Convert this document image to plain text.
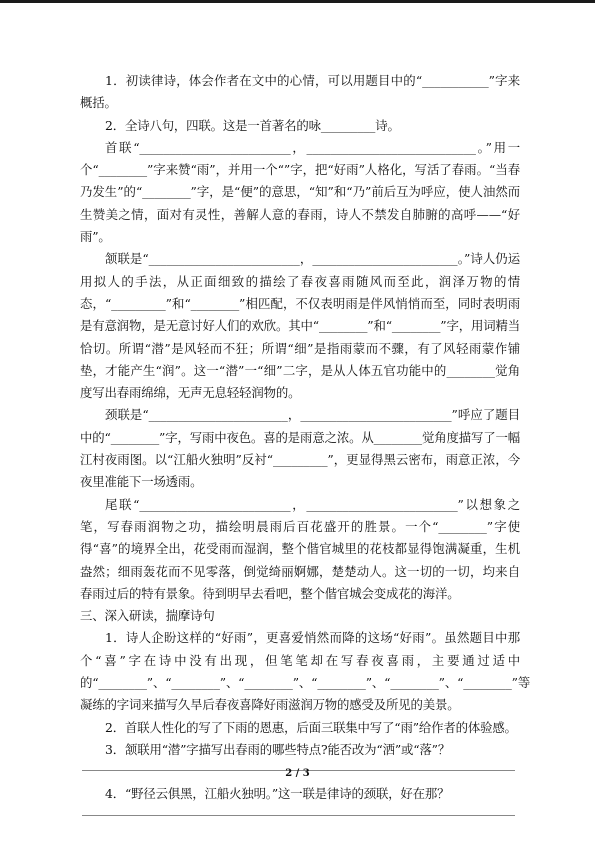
1．初读律诗，体会作者在文中的心情，可以用题目中的“___________”字来概括。

2．全诗八句，四联。这是一首著名的咏_________诗。

首联“_________________________，____________________________。”用一个“________”字来赞“雨”，并用一个“”字，把“好雨”人格化，写活了春雨。“当春乃发生”的“________”字，是“便”的意思，“知”和“乃”前后互为呼应，使人油然而生赞美之情，面对有灵性，善解人意的春雨，诗人不禁发自肺腑的高呼——“好雨”。

颔联是“_________________________，________________________。”诗人仍运用拟人的手法，从正面细致的描绘了春夜喜雨随风而至此，润泽万物的情态，“_________”和“________”相匹配，不仅表明雨是伴风悄悄而至，同时表明雨是有意润物，是无意讨好人们的欢欣。其中“________”和“________”字，用词精当恰切。所谓“潜”是风轻而不狂；所谓“细”是指雨蒙而不骤，有了风轻雨蒙作铺垫，才能产生“润”。这一“潜”一“细”二字，是从人体五官功能中的________觉角度写出春雨绵绵，无声无息轻轻润物的。

颈联是“_______________________，_________________________”呼应了题目中的“________”字，写雨中夜色。喜的是雨意之浓。从________觉角度描写了一幅江村夜雨图。以“江船火独明”反衬“_________”，更显得黑云密布，雨意正浓，今夜里准能下一场透雨。

尾联“_________________________，_________________________”以想象之笔，写春雨润物之功，描绘明晨雨后百花盛开的胜景。一个“________”字使得“喜”的境界全出，花受雨而湿润，整个偕官城里的花枝都显得饱满凝重，生机盎然；细雨轰花而不见零落，倒觉绮丽婀娜，楚楚动人。这一切的一切，均来自春雨过后的特有景象。待到明早去看吧，整个偕官城会变成花的海洋。

三、深入研读，揣摩诗句

1．诗人企盼这样的“好雨”，更喜爱悄然而降的这场“好雨”。虽然题目中那个“喜”字在诗中没有出现，但笔笔却在写春夜喜雨，主要通过适中的“________”、“________”、“________”、“________”、“________”、“________”等凝练的字词来描写久旱后春夜喜降好雨滋润万物的感受及所见的美景。

2．首联人性化的写了下雨的恩惠，后面三联集中写了“雨”给作者的体验感。

3．颔联用“潜”字描写出春雨的哪些特点?能否改为“洒”或“落”？

4．“野径云俱黑，江船火独明。”这一联是律诗的颈联，好在那？

2 / 3
